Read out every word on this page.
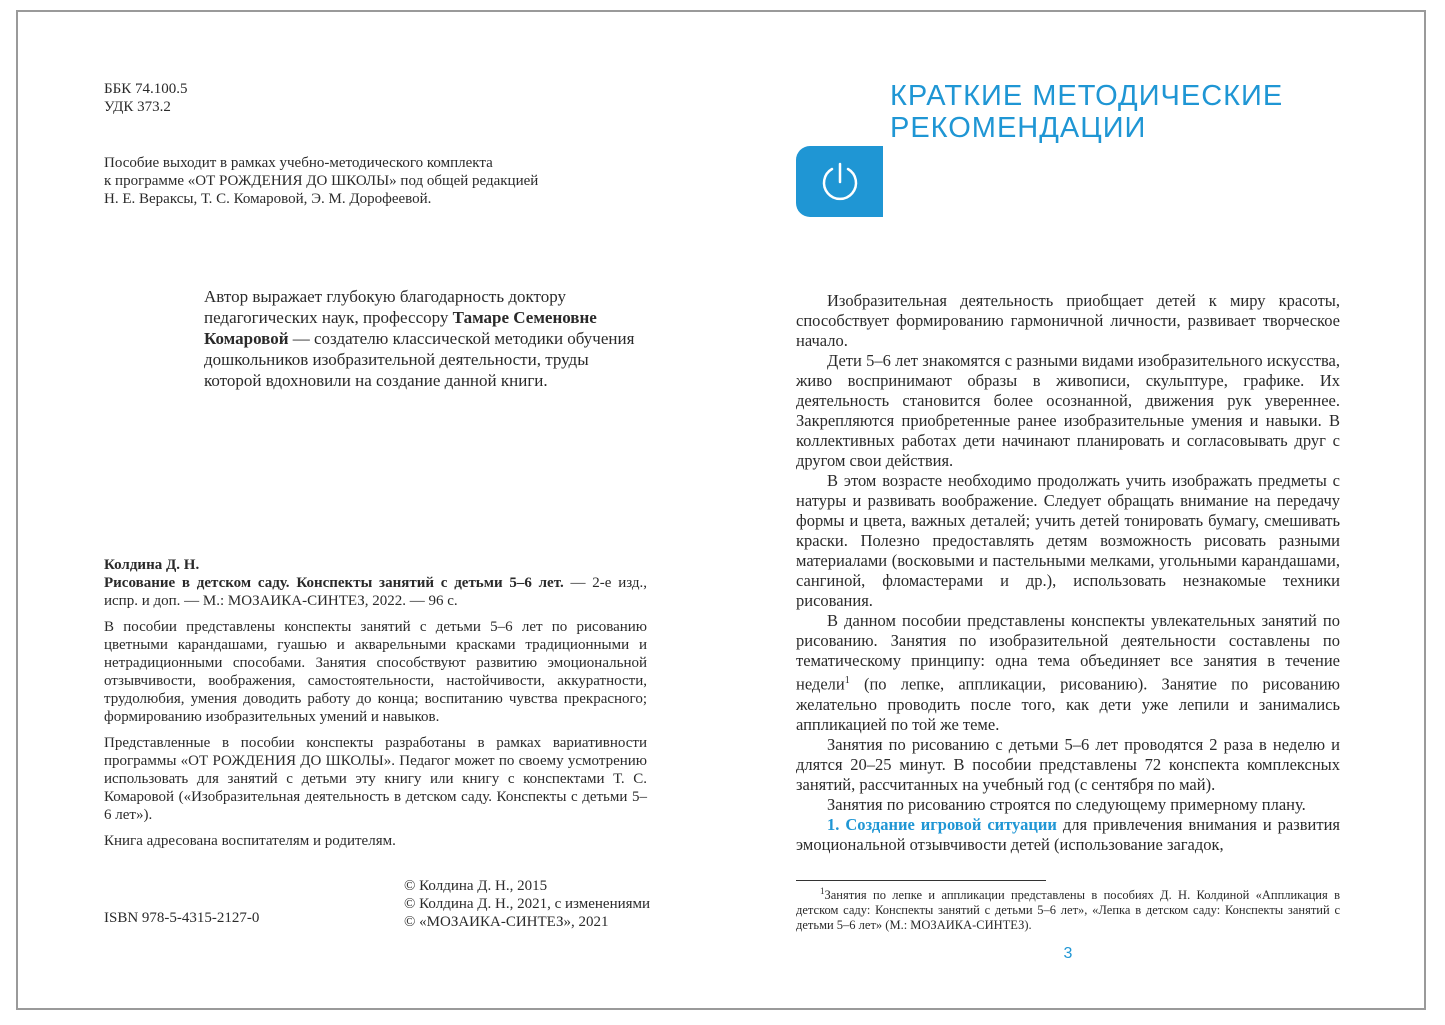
ББК 74.100.5

УДК 373.2

Пособие выходит в рамках учебно-методического комплекта

к программе «ОТ РОЖДЕНИЯ ДО ШКОЛЫ» под общей редакцией

Н. Е. Вераксы, Т. С. Комаровой, Э. М. Дорофеевой.

Автор выражает глубокую благодарность доктору педагогических наук, профессору Тамаре Семеновне Комаровой — создателю классической методики обучения дошкольников изобразительной деятельности, труды которой вдохновили на создание данной книги.

Колдина Д. Н.

Рисование в детском саду. Конспекты занятий с детьми 5–6 лет. — 2-е изд., испр. и доп. — М.: МОЗАИКА-СИНТЕЗ, 2022. — 96 с.

В пособии представлены конспекты занятий с детьми 5–6 лет по рисованию цветными карандашами, гуашью и акварельными красками традиционными и нетрадиционными способами. Занятия способствуют развитию эмоциональной отзывчивости, воображения, самостоятельности, настойчивости, аккуратности, трудолюбия, умения доводить работу до конца; воспитанию чувства прекрасного; формированию изобразительных умений и навыков.

Представленные в пособии конспекты разработаны в рамках вариативности программы «ОТ РОЖДЕНИЯ ДО ШКОЛЫ». Педагог может по своему усмотрению использовать для занятий с детьми эту книгу или книгу с конспектами Т. С. Комаровой («Изобразительная деятельность в детском саду. Конспекты с детьми 5–6 лет»).

Книга адресована воспитателям и родителям.

ISBN 978-5-4315-2127-0

© Колдина Д. Н., 2015

© Колдина Д. Н., 2021, с изменениями

© «МОЗАИКА-СИНТЕЗ», 2021

КРАТКИЕ МЕТОДИЧЕСКИЕ
РЕКОМЕНДАЦИИ

Изобразительная деятельность приобщает детей к миру красоты, способствует формированию гармоничной личности, развивает творческое начало.

Дети 5–6 лет знакомятся с разными видами изобразительного искусства, живо воспринимают образы в живописи, скульптуре, графике. Их деятельность становится более осознанной, движения рук увереннее. Закрепляются приобретенные ранее изобразительные умения и навыки. В коллективных работах дети начинают планировать и согласовывать друг с другом свои действия.

В этом возрасте необходимо продолжать учить изображать предметы с натуры и развивать воображение. Следует обращать внимание на передачу формы и цвета, важных деталей; учить детей тонировать бумагу, смешивать краски. Полезно предоставлять детям возможность рисовать разными материалами (восковыми и пастельными мелками, угольными карандашами, сангиной, фломастерами и др.), использовать незнакомые техники рисования.

В данном пособии представлены конспекты увлекательных занятий по рисованию. Занятия по изобразительной деятельности составлены по тематическому принципу: одна тема объединяет все занятия в течение недели$^1$ (по лепке, аппликации, рисованию). Занятие по рисованию желательно проводить после того, как дети уже лепили и занимались аппликацией по той же теме.

Занятия по рисованию с детьми 5–6 лет проводятся 2 раза в неделю и длятся 20–25 минут. В пособии представлены 72 конспекта комплексных занятий, рассчитанных на учебный год (с сентября по май).

Занятия по рисованию строятся по следующему примерному плану.

1. Создание игровой ситуации для привлечения внимания и развития эмоциональной отзывчивости детей (использование загадок,

$^1$Занятия по лепке и аппликации представлены в пособиях Д. Н. Колдиной «Аппликация в детском саду: Конспекты занятий с детьми 5–6 лет», «Лепка в детском саду: Конспекты занятий с детьми 5–6 лет» (М.: МОЗАИКА-СИНТЕЗ).
3
